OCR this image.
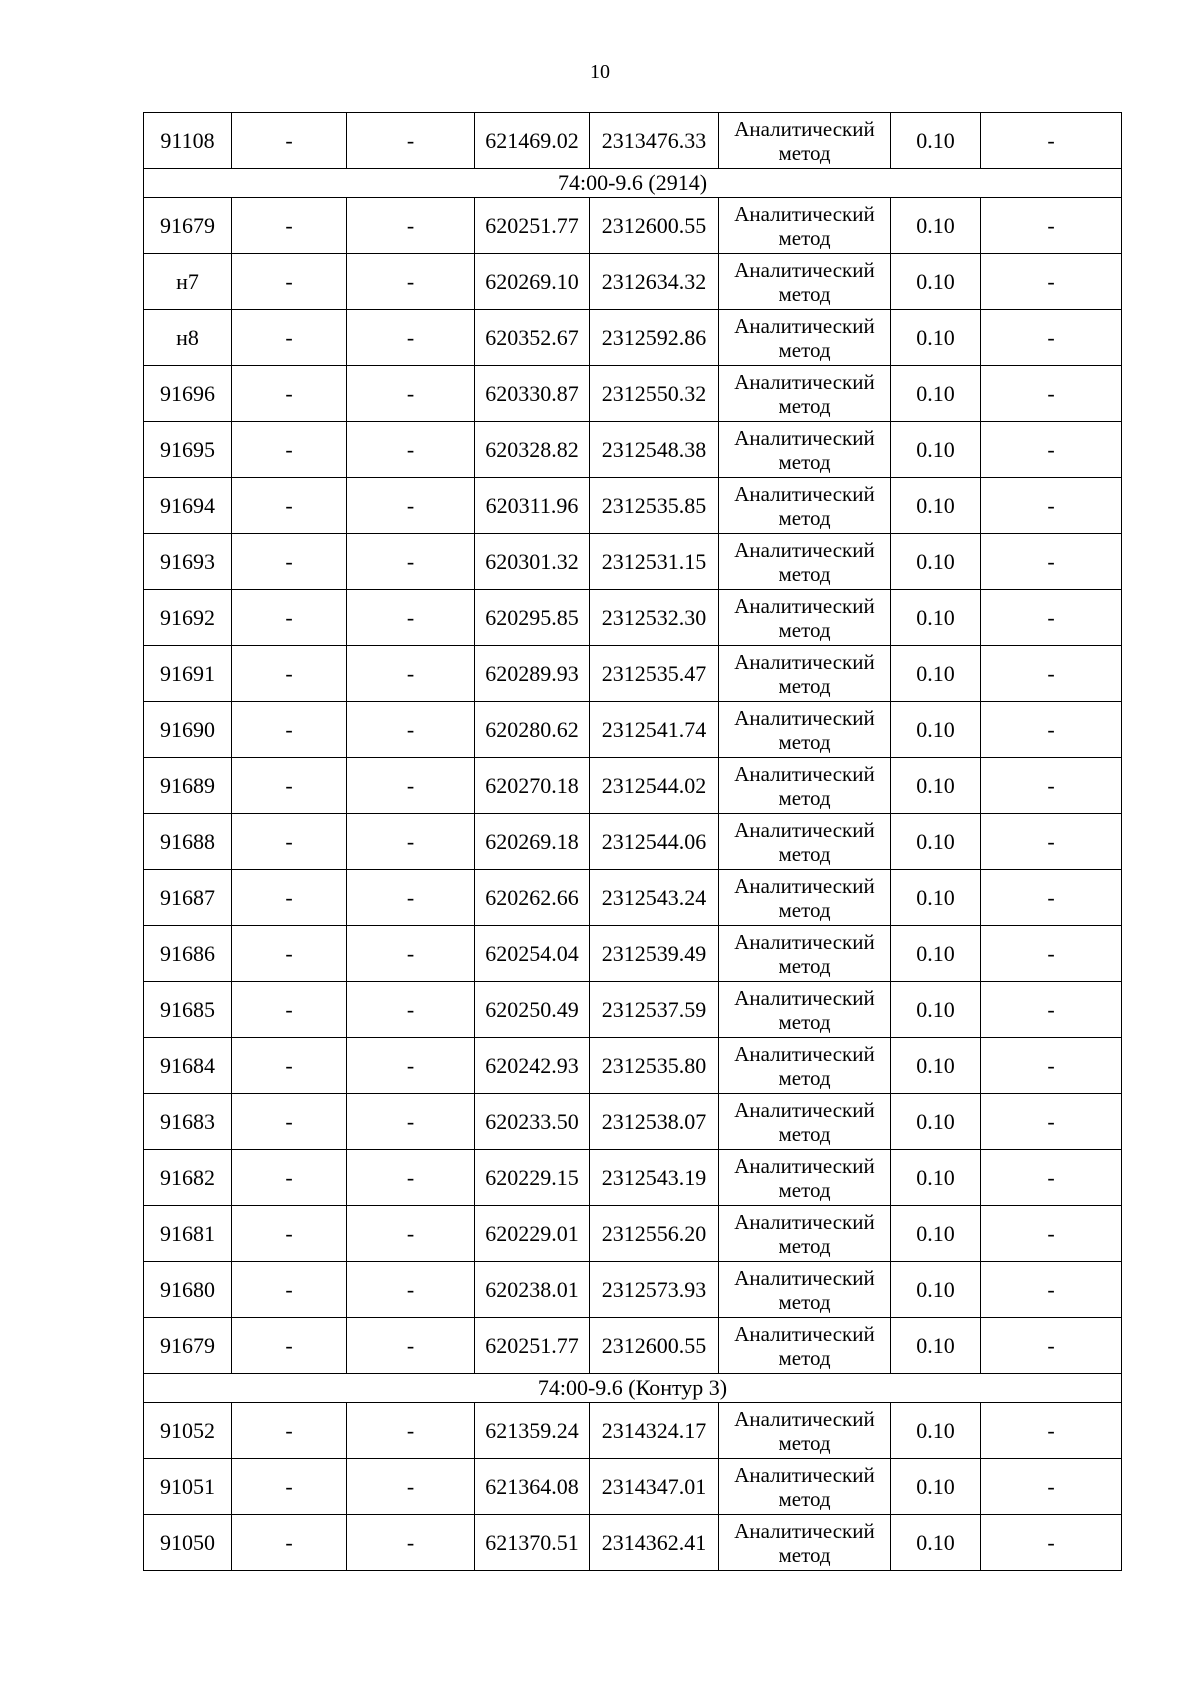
10
91108	-	-	621469.02	2313476.33	Аналитический
метод	0.10	-
74:00-9.6 (2914)							
91679	-	-	620251.77	2312600.55	Аналитический
метод	0.10	-
н7	-	-	620269.10	2312634.32	Аналитический
метод	0.10	-
н8	-	-	620352.67	2312592.86	Аналитический
метод	0.10	-
91696	-	-	620330.87	2312550.32	Аналитический
метод	0.10	-
91695	-	-	620328.82	2312548.38	Аналитический
метод	0.10	-
91694	-	-	620311.96	2312535.85	Аналитический
метод	0.10	-
91693	-	-	620301.32	2312531.15	Аналитический
метод	0.10	-
91692	-	-	620295.85	2312532.30	Аналитический
метод	0.10	-
91691	-	-	620289.93	2312535.47	Аналитический
метод	0.10	-
91690	-	-	620280.62	2312541.74	Аналитический
метод	0.10	-
91689	-	-	620270.18	2312544.02	Аналитический
метод	0.10	-
91688	-	-	620269.18	2312544.06	Аналитический
метод	0.10	-
91687	-	-	620262.66	2312543.24	Аналитический
метод	0.10	-
91686	-	-	620254.04	2312539.49	Аналитический
метод	0.10	-
91685	-	-	620250.49	2312537.59	Аналитический
метод	0.10	-
91684	-	-	620242.93	2312535.80	Аналитический
метод	0.10	-
91683	-	-	620233.50	2312538.07	Аналитический
метод	0.10	-
91682	-	-	620229.15	2312543.19	Аналитический
метод	0.10	-
91681	-	-	620229.01	2312556.20	Аналитический
метод	0.10	-
91680	-	-	620238.01	2312573.93	Аналитический
метод	0.10	-
91679	-	-	620251.77	2312600.55	Аналитический
метод	0.10	-
74:00-9.6 (Контур 3)							
91052	-	-	621359.24	2314324.17	Аналитический
метод	0.10	-
91051	-	-	621364.08	2314347.01	Аналитический
метод	0.10	-
91050	-	-	621370.51	2314362.41	Аналитический
метод	0.10	-
